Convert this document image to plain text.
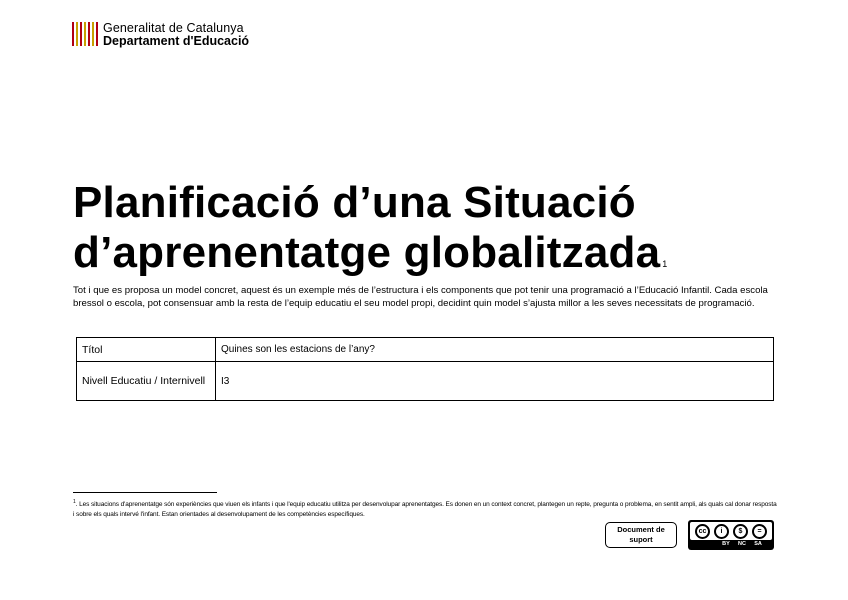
Generalitat de Catalunya
Departament d'Educació
Planificació d’una Situació
d’aprenentatge globalitzada 1
Tot i que es proposa un model concret, aquest és un exemple més de l’estructura i els components que pot tenir una programació a l’Educació Infantil. Cada escola bressol o escola, pot consensuar amb la resta de l’equip educatiu el seu model propi, decidint quin model s’ajusta millor a les seves necessitats de programació.
Títol	Quines son les estacions de l’any?
Nivell Educatiu / Internivell	I3
$^1$. Les situacions d'aprenentatge són experiències que viuen els infants i que l'equip educatiu utilitza per desenvolupar aprenentatges. Es donen en un context concret, plantegen un repte, pregunta o problema, en sentit ampli, als quals cal donar resposta i sobre els quals intervé l'infant. Estan orientades al desenvolupament de les competències específiques.
Document de
suport
cc	i	$	=
BY NC SA
